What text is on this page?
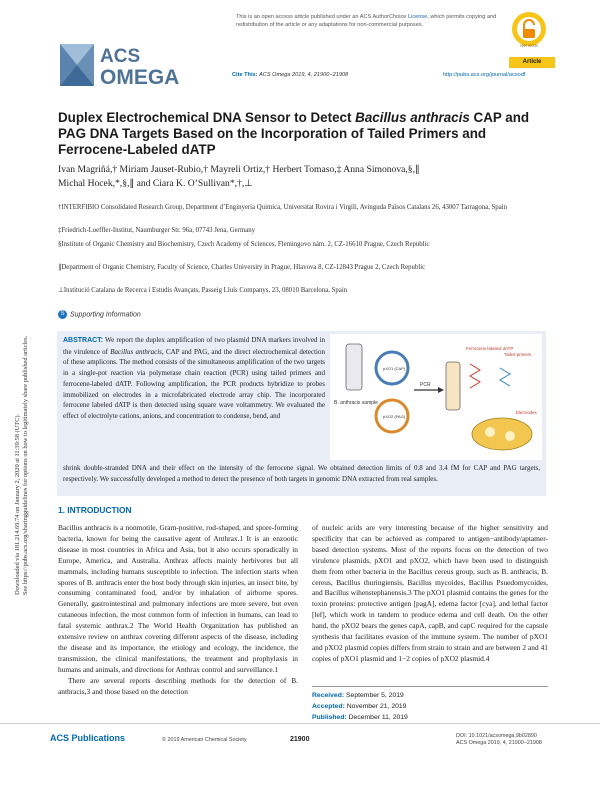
This is an open access article published under an ACS AuthorChoice License, which permits copying and redistribution of the article or any adaptations for non-commercial purposes.
open access
Article
ACS
OMEGA	Cite This: ACS Omega 2019, 4, 21900−21908	http://pubs.acs.org/journal/acsodf
Duplex Electrochemical DNA Sensor to Detect Bacillus anthracis CAP and PAG DNA Targets Based on the Incorporation of Tailed Primers and Ferrocene-Labeled dATP
Ivan Magriñá,† Miriam Jauset-Rubio,† Mayreli Ortiz,† Herbert Tomaso,‡ Anna Simonova,§,∥
Michal Hocek,*,§,∥ and Ciara K. O’Sullivan*,†,⊥
†INTERFIBIO Consolidated Research Group, Department d’Enginyeria Quimica, Universitat Rovira i Virgili, Avinguda Països Catalans 26, 43007 Tarragona, Spain
‡Friedrich-Loeffler-Institut, Naumburger Str. 96a, 07743 Jena, Germany
§Institute of Organic Chemistry and Biochemistry, Czech Academy of Sciences, Flemingovo nám. 2, CZ-16610 Prague, Czech Republic
∥Department of Organic Chemistry, Faculty of Science, Charles University in Prague, Hlavova 8, CZ-12843 Prague 2, Czech Republic
⊥Institució Catalana de Recerca i Estudis Avançats, Passeig Lluís Companys, 23, 08010 Barcelona, Spain
S Supporting Information
ABSTRACT: We report the duplex amplification of two plasmid DNA markers involved in the virulence of Bacillus anthracis, CAP and PAG, and the direct electrochemical detection of these amplicons. The method consists of the simultaneous amplification of the two targets in a single-pot reaction via polymerase chain reaction (PCR) using tailed primers and ferrocene-labeled dATP. Following amplification, the PCR products hybridize to probes immobilized on electrodes in a microfabricated electrode array chip. The incorporated ferrocene labeled dATP is then detected using square wave voltammetry. We evaluated the effect of electrolyte cations, anions, and concentration to condense, bend, and
shrink double-stranded DNA and their effect on the intensity of the ferrocene signal. We obtained detection limits of 0.8 and 3.4 fM for CAP and PAG targets, respectively. We successfully developed a method to detect the presence of both targets in genomic DNA extracted from real samples.
B. anthracis sample
pXO1 (CAP)
pXO2 (PAG)
PCR
Ferrocene labeled dATP
Tailed primers
Electrodes
1. INTRODUCTION
Bacillus anthracis is a nonmotile, Gram-positive, rod-shaped, and spore-forming bacteria, known for being the causative agent of Anthrax.1 It is an enzootic disease in most countries in Africa and Asia, but it also occurs sporadically in Europe, America, and Australia. Anthrax affects mainly herbivores but all mammals, including humans susceptible to infection. The infection starts when spores of B. anthracis enter the host body through skin injuries, an insect bite, by consuming contaminated food, and/or by inhalation of airborne spores. Generally, gastrointestinal and pulmonary infections are more severe, but even cutaneous infection, the most common form of infection in humans, can lead to fatal systemic anthrax.2 The World Health Organization has published an extensive review on anthrax covering different aspects of the disease, including the disease and its importance, the etiology and ecology, the incidence, the transmission, the clinical manifestations, the treatment and prophylaxis in humans and animals, and directions for Anthrax control and surveillance.1
There are several reports describing methods for the detection of B. anthracis,3 and those based on the detection
of nucleic acids are very interesting because of the higher sensitivity and specificity that can be achieved as compared to antigen−antibody/aptamer-based detection systems. Most of the reports focus on the detection of two virulence plasmids, pXO1 and pXO2, which have been used to distinguish them from other bacteria in the Bacillus cereus group, such as B. anthracis, B. cereus, Bacillus thuringiensis, Bacillus mycoides, Bacillus Psuedomycoides, and Bacillus wihenstephanensis.3 The pXO1 plasmid contains the genes for the toxin proteins: protective antigen [pagA], edema factor [cya], and lethal factor [lef], which work in tandem to produce edema and cell death. On the other hand, the pXO2 bears the genes capA, capB, and capC required for the capsule synthesis that facilitates evasion of the immune system. The number of pXO1 and pXO2 plasmid copies differs from strain to strain and are between 2 and 41 copies of pXO1 plasmid and 1−2 copies of pXO2 plasmid.4
Received: September 5, 2019
Accepted: November 21, 2019
Published: December 11, 2019
ACS Publications	© 2019 American Chemical Society	21900	DOI: 10.1021/acsomega.9b02890
ACS Omega 2019, 4, 21900−21908
Downloaded via 181.214.69.74 on January 2, 2020 at 11:39:58 (UTC).
See https://pubs.acs.org/sharingguidelines for options on how to legitimately share published articles.
